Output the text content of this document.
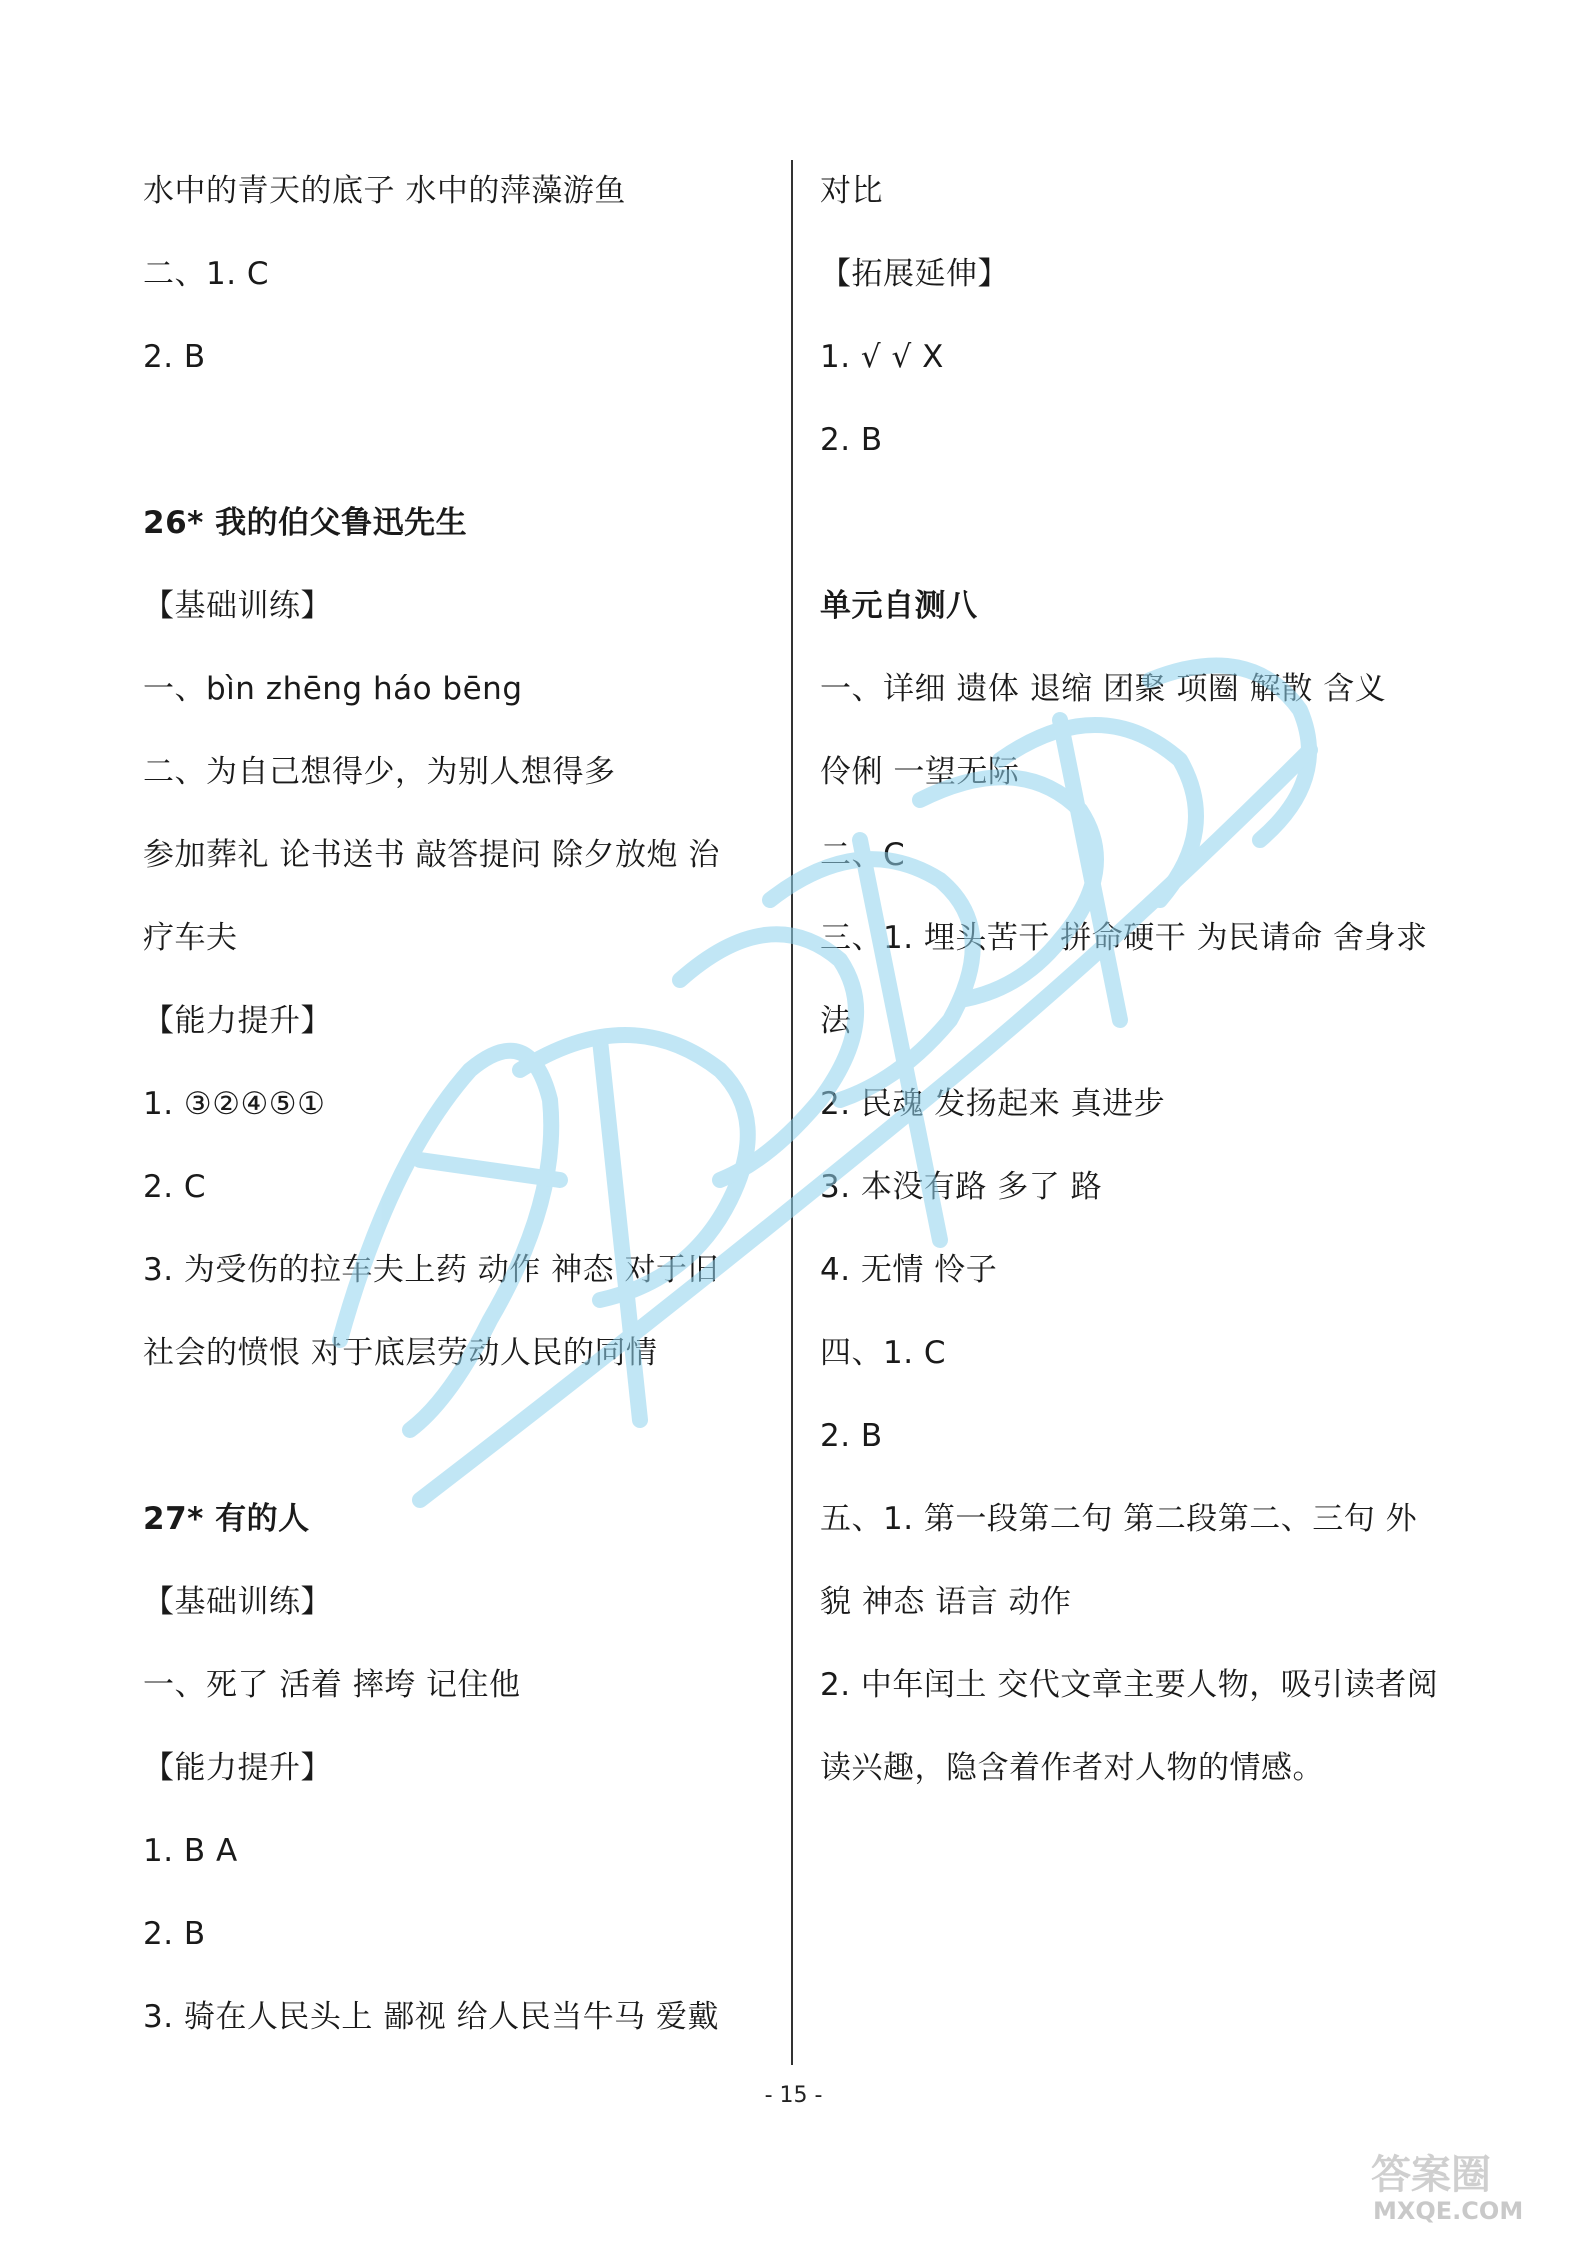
水中的青天的底子 水中的萍藻游鱼
二、1. C
2. B
26* 我的伯父鲁迅先生
【基础训练】
一、bìn zhēng háo bēng
二、为自己想得少，为别人想得多
参加葬礼 论书送书 敲答提问 除夕放炮 治
疗车夫
【能力提升】
1. ③②④⑤①
2. C
3. 为受伤的拉车夫上药 动作 神态 对于旧
社会的愤恨 对于底层劳动人民的同情
27* 有的人
【基础训练】
一、死了 活着 摔垮 记住他
【能力提升】
1. B A
2. B
3. 骑在人民头上 鄙视 给人民当牛马 爱戴
对比
【拓展延伸】
1. √ √ X
2. B
单元自测八
一、详细 遗体 退缩 团聚 项圈 解散 含义
伶俐 一望无际
二、C
三、1. 埋头苦干 拼命硬干 为民请命 舍身求
法
2. 民魂 发扬起来 真进步
3. 本没有路 多了 路
4. 无情 怜子
四、1. C
2. B
五、1. 第一段第二句 第二段第二、三句 外
貌 神态 语言 动作
2. 中年闰土 交代文章主要人物，吸引读者阅
读兴趣，隐含着作者对人物的情感。
- 15 -
答案圈
MXQE.COM
